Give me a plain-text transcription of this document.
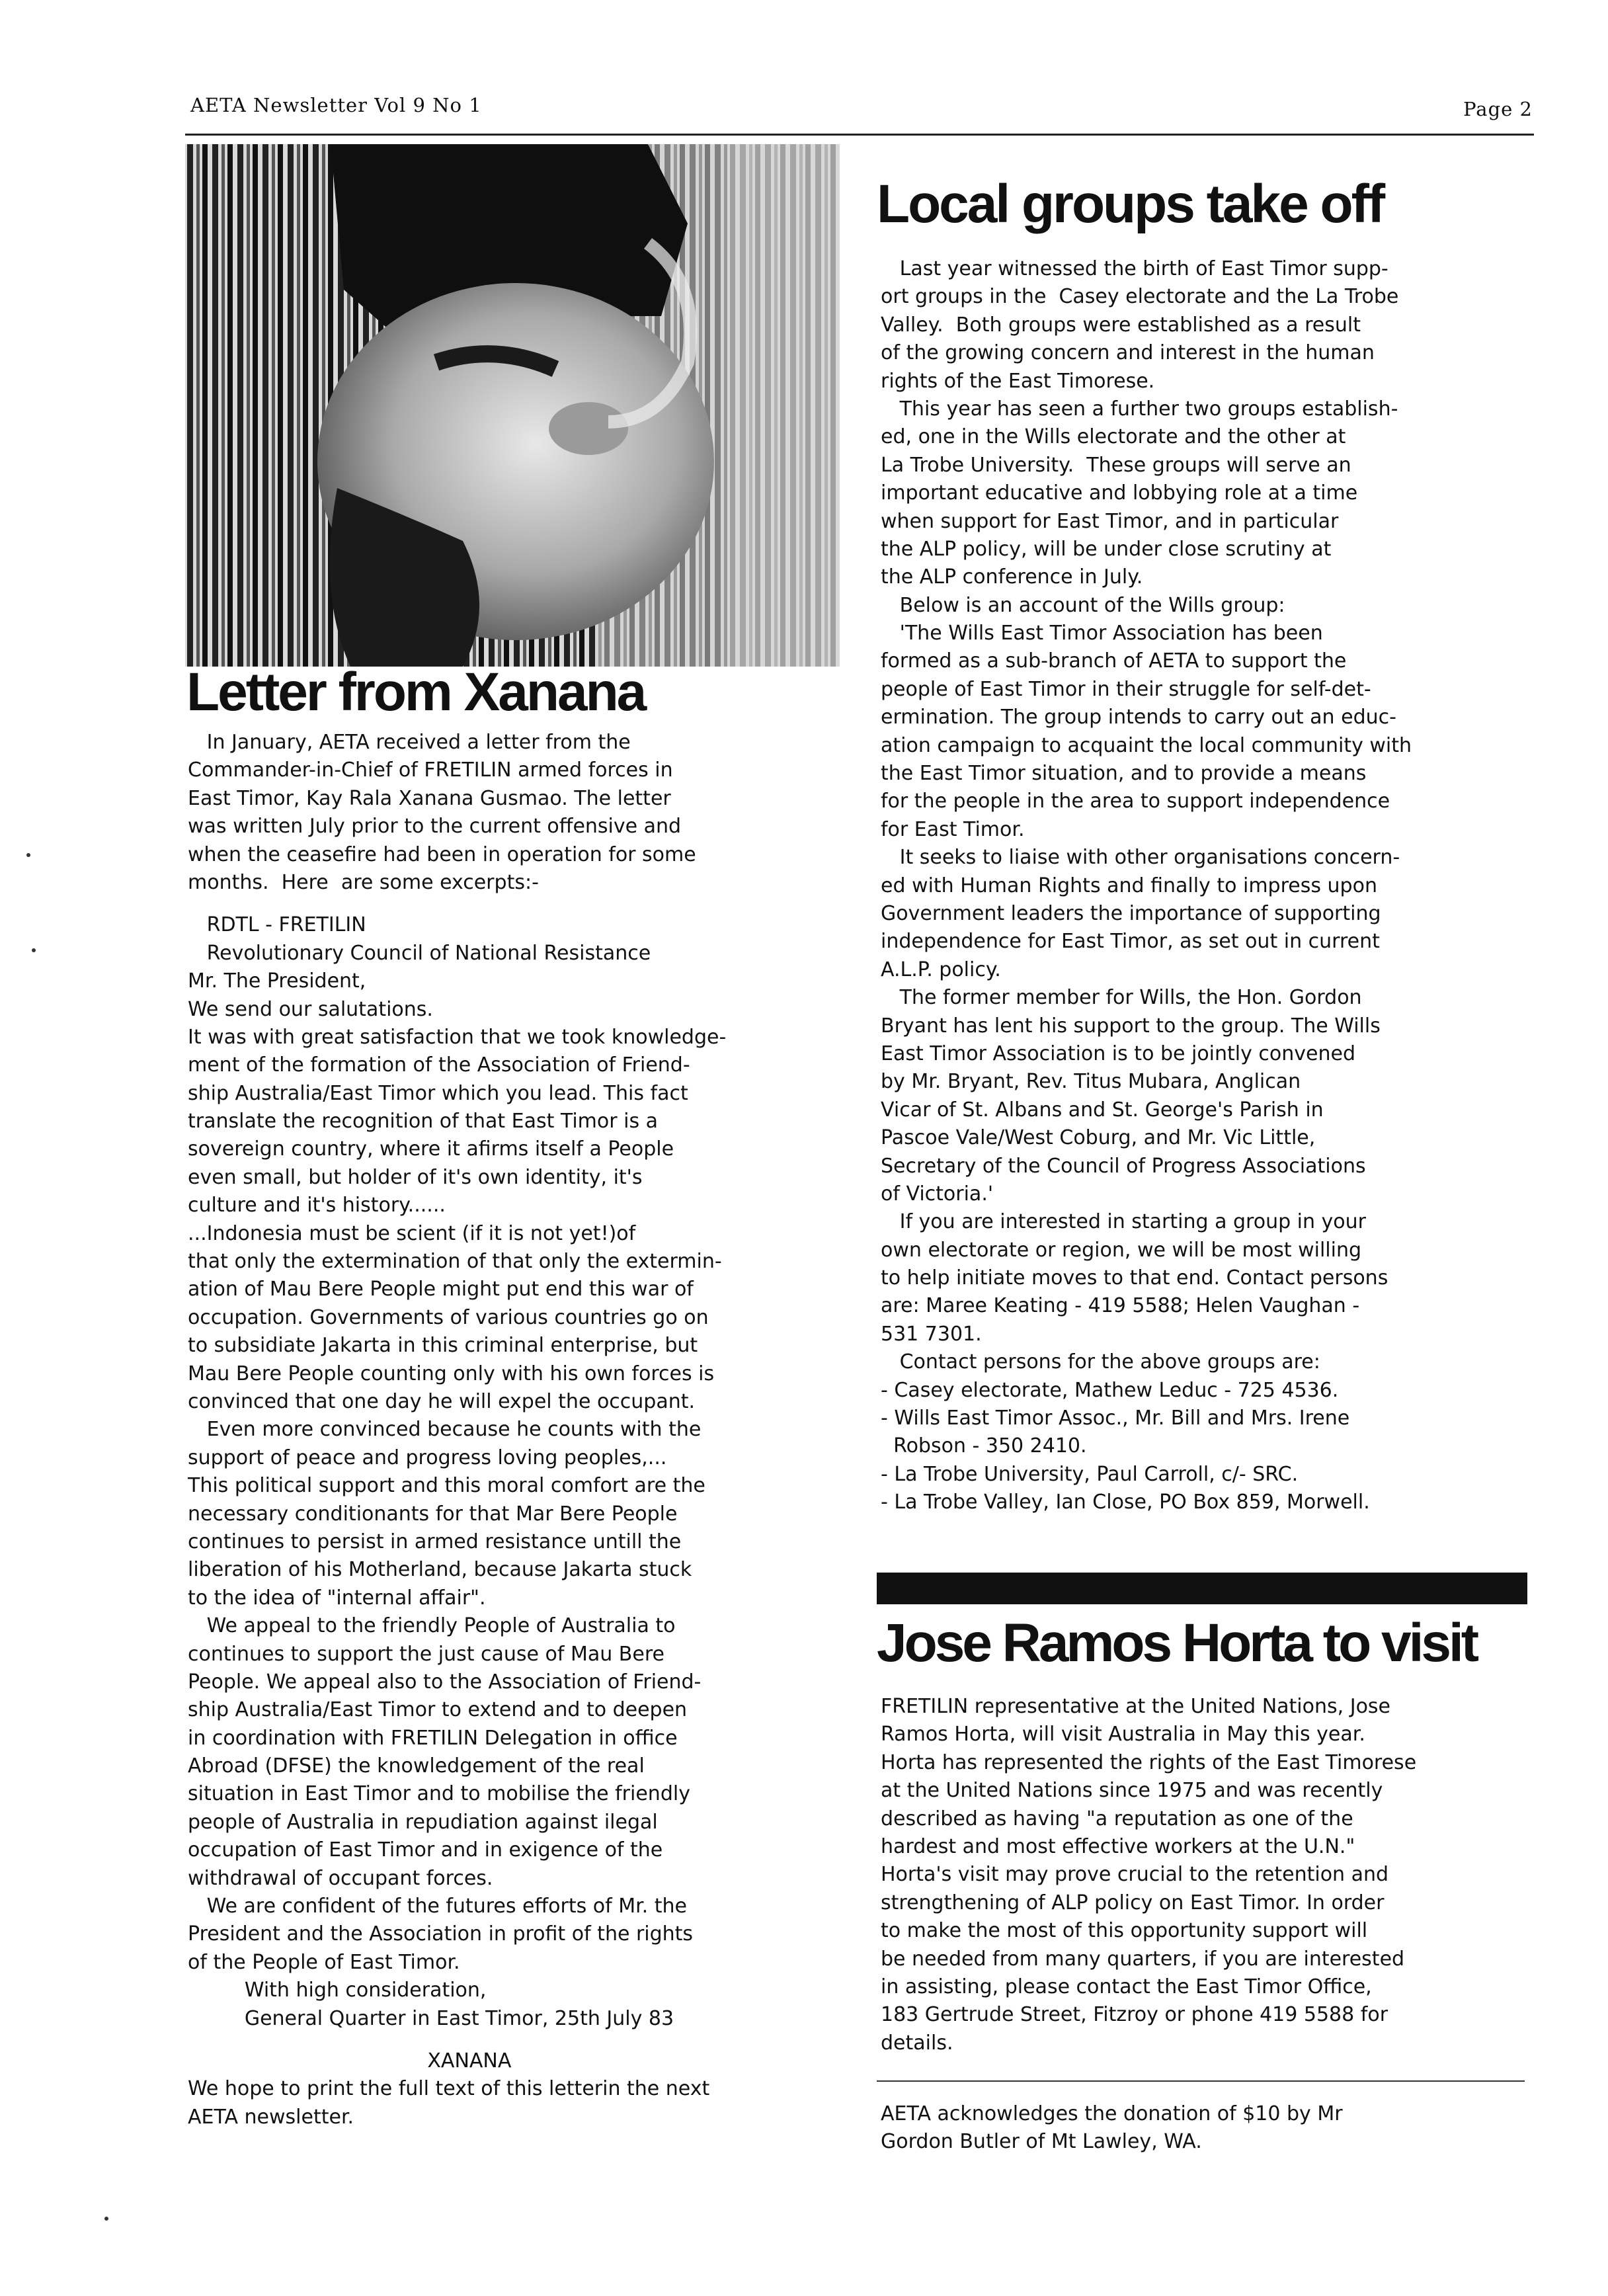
AETA Newsletter Vol 9 No 1	Page 2
Letter from Xanana
In January, AETA received a letter from the
Commander-in-Chief of FRETILIN armed forces in
East Timor, Kay Rala Xanana Gusmao. The letter
was written July prior to the current offensive and
when the ceasefire had been in operation for some
months.  Here  are some excerpts:-
RDTL - FRETILIN
Revolutionary Council of National Resistance
Mr. The President,
We send our salutations.
It was with great satisfaction that we took knowledge-
ment of the formation of the Association of Friend-
ship Australia/East Timor which you lead. This fact
translate the recognition of that East Timor is a
sovereign country, where it afirms itself a People
even small, but holder of it's own identity, it's
culture and it's history......
...Indonesia must be scient (if it is not yet!)of
that only the extermination of that only the extermin-
ation of Mau Bere People might put end this war of
occupation. Governments of various countries go on
to subsidiate Jakarta in this criminal enterprise, but
Mau Bere People counting only with his own forces is
convinced that one day he will expel the occupant.
Even more convinced because he counts with the
support of peace and progress loving peoples,...
This political support and this moral comfort are the
necessary conditionants for that Mar Bere People
continues to persist in armed resistance untill the
liberation of his Motherland, because Jakarta stuck
to the idea of "internal affair".
We appeal to the friendly People of Australia to
continues to support the just cause of Mau Bere
People. We appeal also to the Association of Friend-
ship Australia/East Timor to extend and to deepen
in coordination with FRETILIN Delegation in office
Abroad (DFSE) the knowledgement of the real
situation in East Timor and to mobilise the friendly
people of Australia in repudiation against ilegal
occupation of East Timor and in exigence of the
withdrawal of occupant forces.
We are confident of the futures efforts of Mr. the
President and the Association in profit of the rights
of the People of East Timor.
With high consideration,
General Quarter in East Timor, 25th July 83
XANANA
We hope to print the full text of this letterin the next
AETA newsletter.
Local groups take off
Last year witnessed the birth of East Timor supp-
ort groups in the  Casey electorate and the La Trobe
Valley.  Both groups were established as a result
of the growing concern and interest in the human
rights of the East Timorese.
This year has seen a further two groups establish-
ed, one in the Wills electorate and the other at
La Trobe University.  These groups will serve an
important educative and lobbying role at a time
when support for East Timor, and in particular
the ALP policy, will be under close scrutiny at
the ALP conference in July.
Below is an account of the Wills group:
'The Wills East Timor Association has been
formed as a sub-branch of AETA to support the
people of East Timor in their struggle for self-det-
ermination. The group intends to carry out an educ-
ation campaign to acquaint the local community with
the East Timor situation, and to provide a means
for the people in the area to support independence
for East Timor.
It seeks to liaise with other organisations concern-
ed with Human Rights and finally to impress upon
Government leaders the importance of supporting
independence for East Timor, as set out in current
A.L.P. policy.
The former member for Wills, the Hon. Gordon
Bryant has lent his support to the group. The Wills
East Timor Association is to be jointly convened
by Mr. Bryant, Rev. Titus Mubara, Anglican
Vicar of St. Albans and St. George's Parish in
Pascoe Vale/West Coburg, and Mr. Vic Little,
Secretary of the Council of Progress Associations
of Victoria.'
If you are interested in starting a group in your
own electorate or region, we will be most willing
to help initiate moves to that end. Contact persons
are: Maree Keating - 419 5588; Helen Vaughan -
531 7301.
Contact persons for the above groups are:
- Casey electorate, Mathew Leduc - 725 4536.
- Wills East Timor Assoc., Mr. Bill and Mrs. Irene
Robson - 350 2410.
- La Trobe University, Paul Carroll, c/- SRC.
- La Trobe Valley, Ian Close, PO Box 859, Morwell.
Jose Ramos Horta to visit
FRETILIN representative at the United Nations, Jose
Ramos Horta, will visit Australia in May this year.
Horta has represented the rights of the East Timorese
at the United Nations since 1975 and was recently
described as having "a reputation as one of the
hardest and most effective workers at the U.N."
Horta's visit may prove crucial to the retention and
strengthening of ALP policy on East Timor. In order
to make the most of this opportunity support will
be needed from many quarters, if you are interested
in assisting, please contact the East Timor Office,
183 Gertrude Street, Fitzroy or phone 419 5588 for
details.
AETA acknowledges the donation of $10 by Mr
Gordon Butler of Mt Lawley, WA.
